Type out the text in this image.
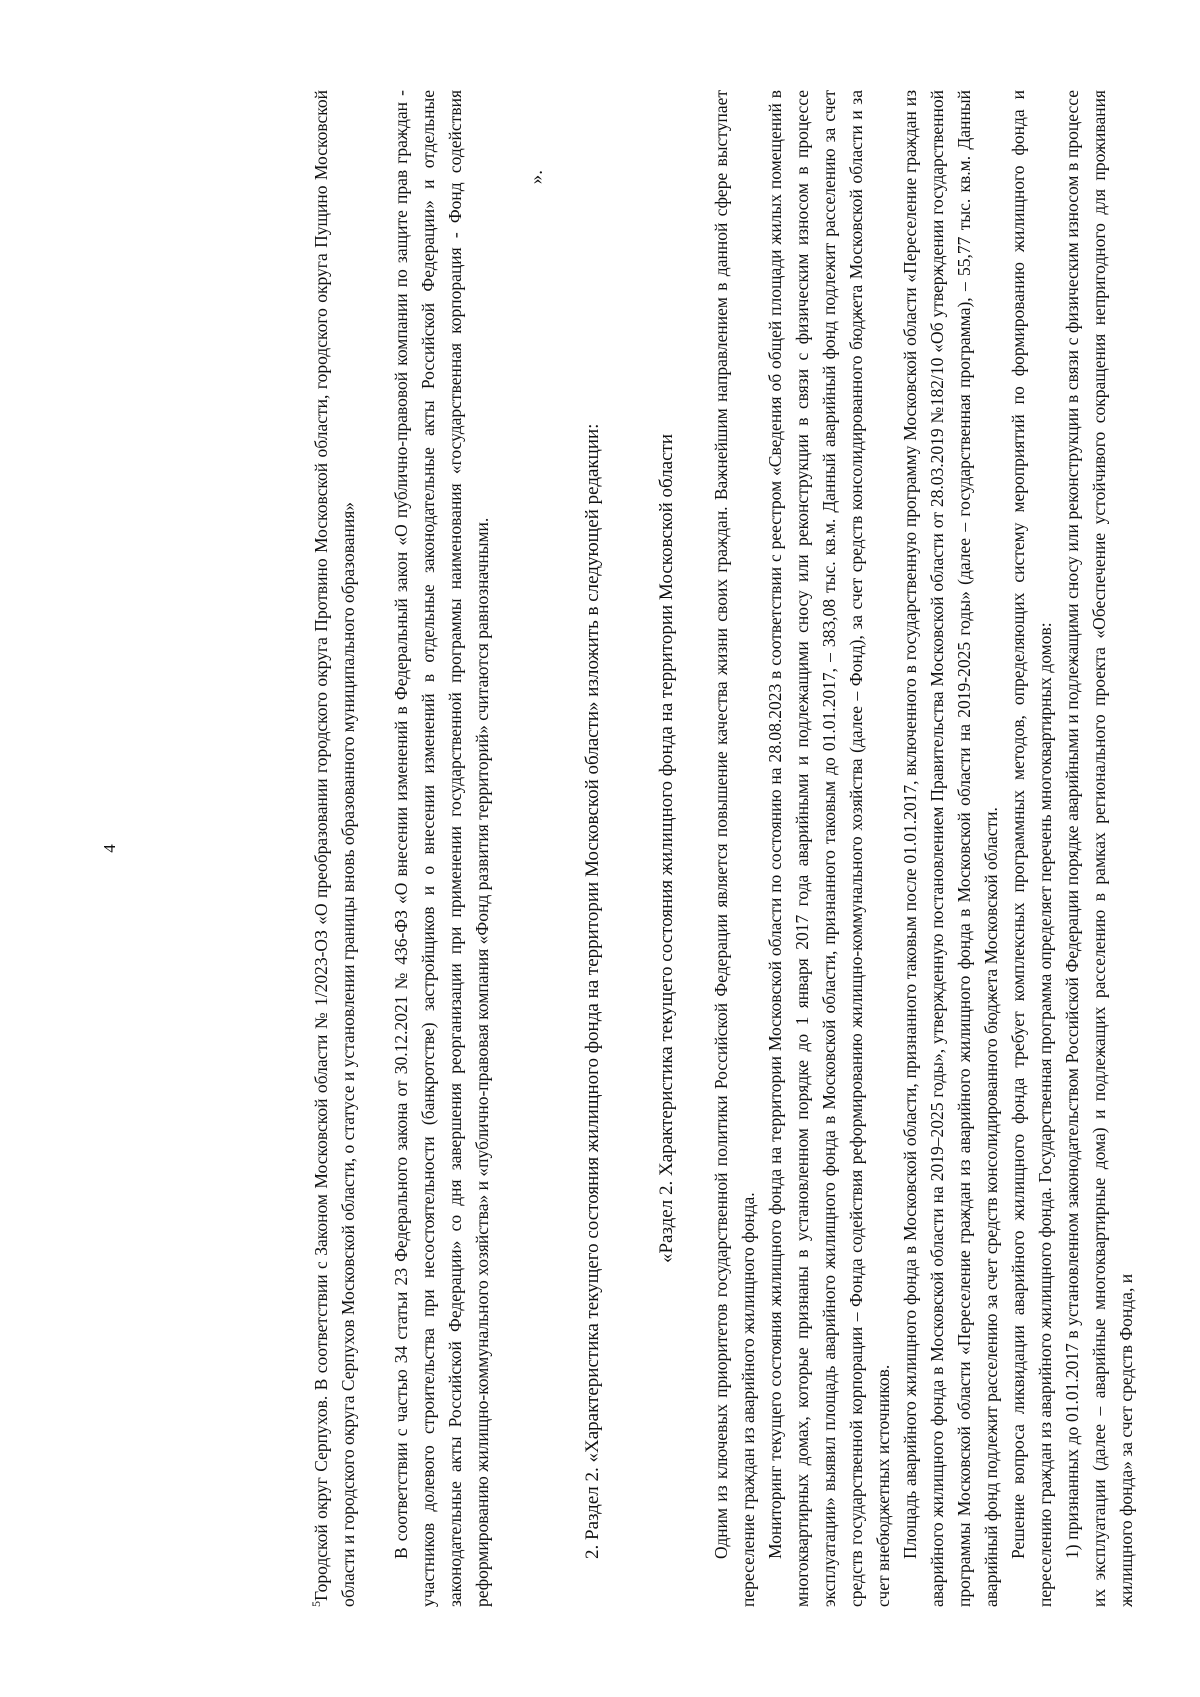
4

$^5$Городской округ Серпухов. В соответствии с Законом Московской области № 1/2023-ОЗ «О преобразовании городского округа Протвино Московской области, городского округа Пущино Московской области и городского округа Серпухов Московской области, о статусе и установлении границы вновь образованного муниципального образования» В соответствии с частью 34 статьи 23 Федерального закона от 30.12.2021 № 436-ФЗ «О внесении изменений в Федеральный закон «О публично-правовой компании по защите прав граждан - участников долевого строительства при несостоятельности (банкротстве) застройщиков и о внесении изменений в отдельные законодательные акты Российской Федерации» и отдельные законодательные акты Российской Федерации» со дня завершения реорганизации при применении государственной программы наименования «государственная корпорация - Фонд содействия реформированию жилищно-коммунального хозяйства» и «публично-правовая компания «Фонд развития территорий» считаются равнозначными.

».

2. Раздел 2. «Характеристика текущего состояния жилищного фонда на территории Московской области» изложить в следующей редакции:	«Раздел 2. Характеристика текущего состояния жилищного фонда на территории Московской области Одним из ключевых приоритетов государственной политики Российской Федерации является повышение качества жизни своих граждан. Важнейшим направлением в данной сфере выступает переселение граждан из аварийного жилищного фонда. Мониторинг текущего состояния жилищного фонда на территории Московской области по состоянию на 28.08.2023 в соответствии с реестром «Сведения об общей площади жилых помещений в многоквартирных домах, которые признаны в установленном порядке до 1 января 2017 года аварийными и подлежащими сносу или реконструкции в связи с физическим износом в процессе эксплуатации» выявил площадь аварийного жилищного фонда в Московской области, признанного таковым до 01.01.2017, – 383,08 тыс. кв.м. Данный аварийный фонд подлежит расселению за счет средств государственной корпорации – Фонда содействия реформированию жилищно-коммунального хозяйства (далее – Фонд), за счет средств консолидированного бюджета Московской области и за счет внебюджетных источников. Площадь аварийного жилищного фонда в Московской области, признанного таковым после 01.01.2017, включенного в государственную программу Московской области «Переселение граждан из аварийного жилищного фонда в Московской области на 2019–2025 годы», утвержденную постановлением Правительства Московской области от 28.03.2019 №182/10 «Об утверждении государственной программы Московской области «Переселение граждан из аварийного жилищного фонда в Московской области на 2019-2025 годы» (далее – государственная программа), – 55,77 тыс. кв.м. Данный аварийный фонд подлежит расселению за счет средств консолидированного бюджета Московской области. Решение вопроса ликвидации аварийного жилищного фонда требует комплексных программных методов, определяющих систему мероприятий по формированию жилищного фонда и переселению граждан из аварийного жилищного фонда. Государственная программа определяет перечень многоквартирных домов: 1) признанных до 01.01.2017 в установленном законодательством Российской Федерации порядке аварийными и подлежащими сносу или реконструкции в связи с физическим износом в процессе их эксплуатации (далее – аварийные многоквартирные дома) и подлежащих расселению в рамках регионального проекта «Обеспечение устойчивого сокращения непригодного для проживания жилищного фонда» за счет средств Фонда, и
